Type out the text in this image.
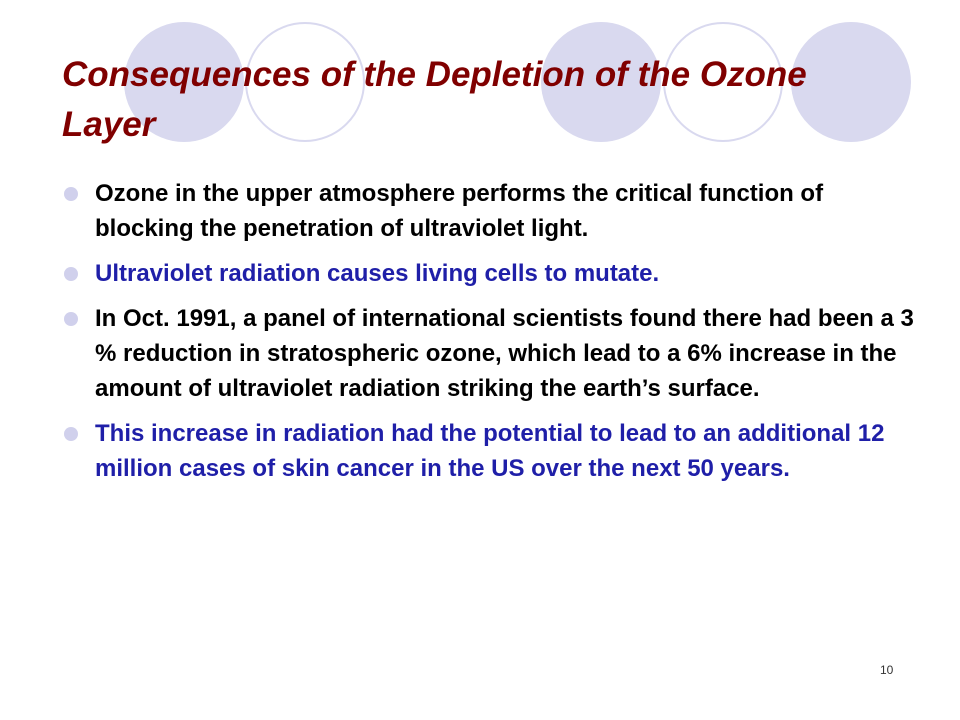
Consequences of the Depletion of the Ozone Layer
Ozone in the upper atmosphere performs the critical function of blocking the penetration of ultraviolet light.
Ultraviolet radiation causes living cells to mutate.
In Oct. 1991, a panel of international scientists found there had been a 3 % reduction in stratospheric ozone, which lead to a 6% increase in the amount of ultraviolet radiation striking the earth’s surface.
This increase in radiation had the potential to lead to an additional 12 million cases of skin cancer in the US over the next 50 years.
10
